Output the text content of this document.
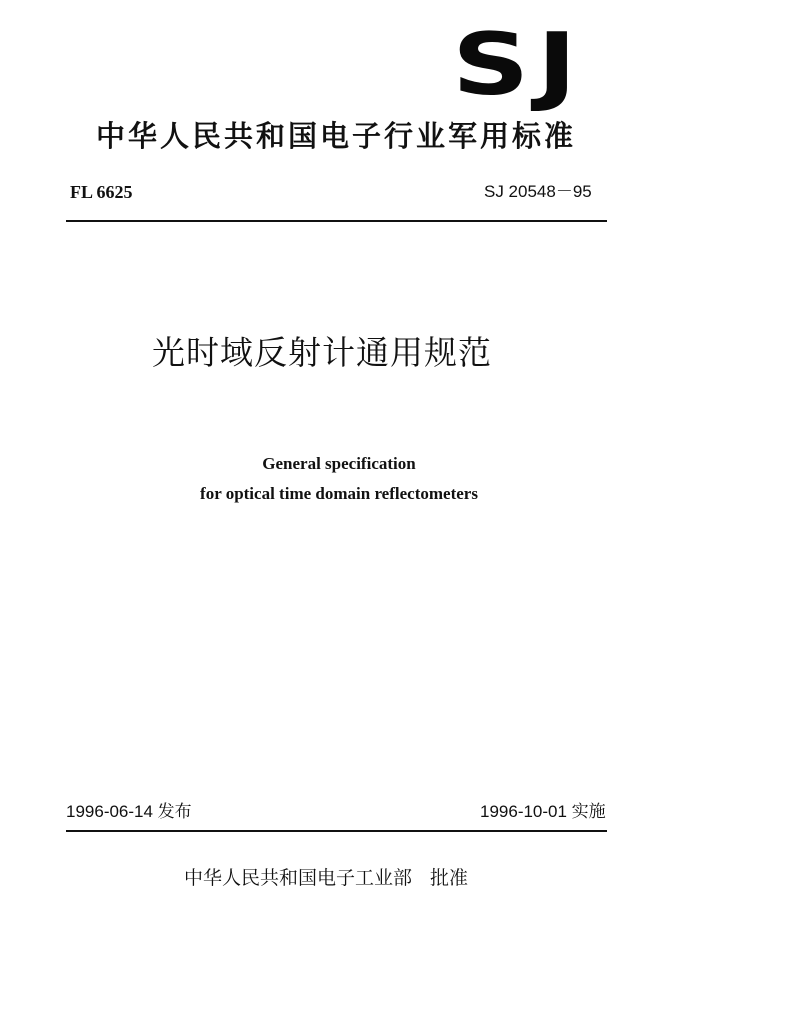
SJ
中华人民共和国电子行业军用标准
FL 6625	SJ 20548－95
光时域反射计通用规范
General specification
for optical time domain reflectometers
1996-06-14 发布	1996-10-01 实施
中华人民共和国电子工业部 批准
